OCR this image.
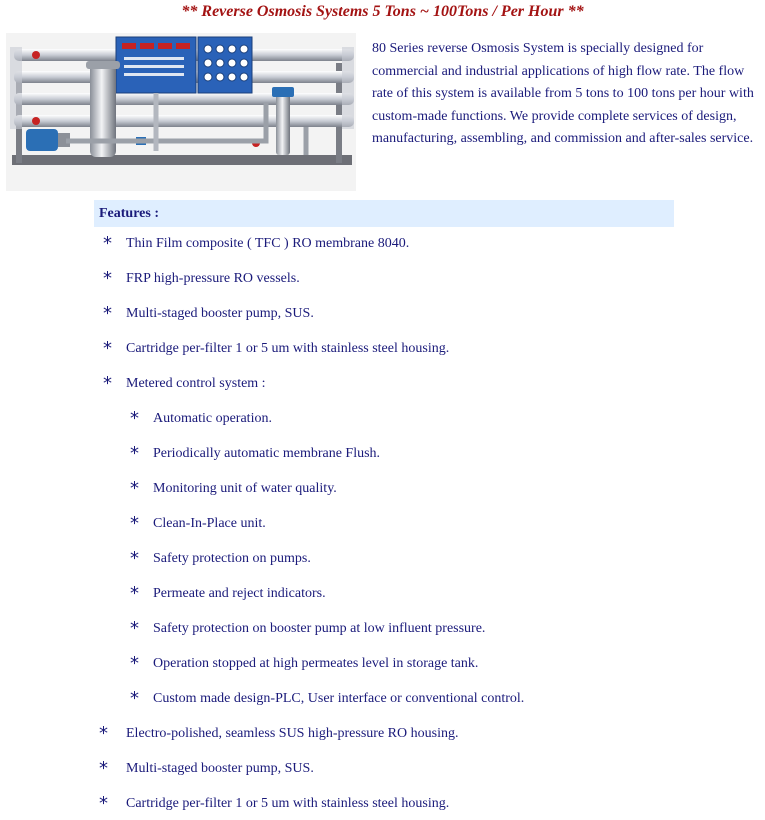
** Reverse Osmosis Systems 5 Tons ~ 100Tons / Per Hour **
80 Series reverse Osmosis System is specially designed for commercial and industrial applications of high flow rate. The flow rate of this system is available from 5 tons to 100 tons per hour with custom-made functions. We provide complete services of design, manufacturing, assembling, and commission and after-sales service.
Features :
* Thin Film composite ( TFC ) RO membrane 8040.
* FRP high-pressure RO vessels.
* Multi-staged booster pump, SUS.
* Cartridge per-filter 1 or 5 um with stainless steel housing.
* Metered control system :
* Automatic operation.
* Periodically automatic membrane Flush.
* Monitoring unit of water quality.
* Clean-In-Place unit.
* Safety protection on pumps.
* Permeate and reject indicators.
* Safety protection on booster pump at low influent pressure.
* Operation stopped at high permeates level in storage tank.
* Custom made design-PLC, User interface or conventional control.
* Electro-polished, seamless SUS high-pressure RO housing.
* Multi-staged booster pump, SUS.
* Cartridge per-filter 1 or 5 um with stainless steel housing.
